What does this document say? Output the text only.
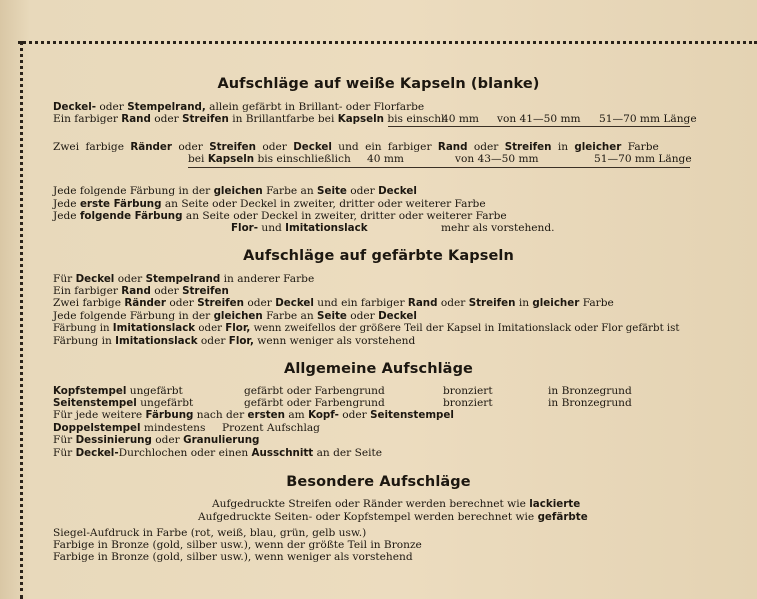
Aufschläge auf weiße Kapseln (blanke)
Deckel- oder Stempelrand, allein gefärbt in Brillant- oder Florfarbe
Ein farbiger Rand oder Streifen in Brillantfarbe bei Kapseln bis einschl.
40 mm von 41—50 mm 51—70 mm Länge
Zwei farbige Ränder oder Streifen oder Deckel und ein farbiger Rand oder Streifen in gleicher Farbe
bei Kapseln bis einschließlich 40 mm	von 43—50 mm	51—70 mm Länge
Jede folgende Färbung in der gleichen Farbe an Seite oder Deckel
Jede erste Färbung an Seite oder Deckel in zweiter, dritter oder weiterer Farbe
Jede folgende Färbung an Seite oder Deckel in zweiter, dritter oder weiterer Farbe
Flor- und Imitationslack	mehr als vorstehend.
Aufschläge auf gefärbte Kapseln
Für Deckel oder Stempelrand in anderer Farbe
Ein farbiger Rand oder Streifen
Zwei farbige Ränder oder Streifen oder Deckel und ein farbiger Rand oder Streifen in gleicher Farbe
Jede folgende Färbung in der gleichen Farbe an Seite oder Deckel
Färbung in Imitationslack oder Flor, wenn zweifellos der größere Teil der Kapsel in Imitationslack oder Flor gefärbt ist
Färbung in Imitationslack oder Flor, wenn weniger als vorstehend
Allgemeine Aufschläge
Kopfstempel ungefärbt	gefärbt oder Farbengrund	bronziert	in Bronzegrund
Seitenstempel ungefärbt	gefärbt oder Farbengrund	bronziert	in Bronzegrund
Für jede weitere Färbung nach der ersten am Kopf- oder Seitenstempel
Doppelstempel mindestens Prozent Aufschlag
Für Dessinierung oder Granulierung
Für Deckel-Durchlochen oder einen Ausschnitt an der Seite
Besondere Aufschläge
Aufgedruckte Streifen oder Ränder werden berechnet wie lackierte
Aufgedruckte Seiten- oder Kopfstempel werden berechnet wie gefärbte
Siegel-Aufdruck in Farbe (rot, weiß, blau, grün, gelb usw.)
Farbige in Bronze (gold, silber usw.), wenn der größte Teil in Bronze
Farbige in Bronze (gold, silber usw.), wenn weniger als vorstehend
